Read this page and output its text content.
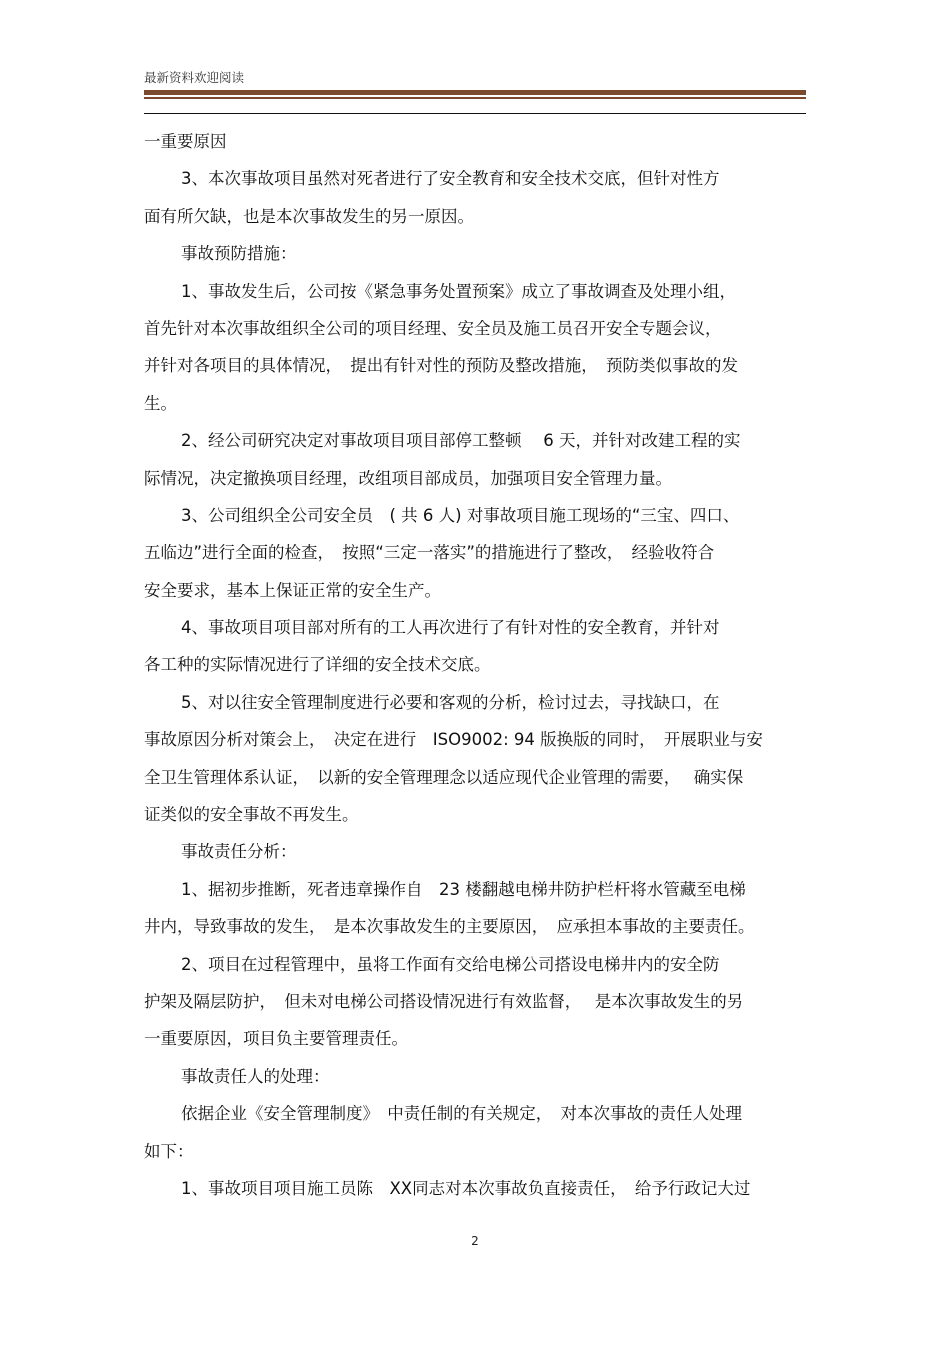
最新资料欢迎阅读
一重要原因
3、本次事故项目虽然对死者进行了安全教育和安全技术交底，但针对性方
面有所欠缺，也是本次事故发生的另一原因。
事故预防措施：
1、事故发生后，公司按《紧急事务处置预案》成立了事故调查及处理小组，
首先针对本次事故组织全公司的项目经理、安全员及施工员召开安全专题会议，
并针对各项目的具体情况，　提出有针对性的预防及整改措施，　预防类似事故的发
生。
2、经公司研究决定对事故项目项目部停工整顿　 6 天，并针对改建工程的实
际情况，决定撤换项目经理，改组项目部成员，加强项目安全管理力量。
3、公司组织全公司安全员　( 共 6 人) 对事故项目施工现场的“三宝、四口、
五临边”进行全面的检查，　按照“三定一落实”的措施进行了整改，　经验收符合
安全要求，基本上保证正常的安全生产。
4、事故项目项目部对所有的工人再次进行了有针对性的安全教育，并针对
各工种的实际情况进行了详细的安全技术交底。
5、对以往安全管理制度进行必要和客观的分析，检讨过去，寻找缺口，在
事故原因分析对策会上，　决定在进行　ISO9002: 94 版换版的同时，　开展职业与安
全卫生管理体系认证，　以新的安全管理理念以适应现代企业管理的需要，　 确实保
证类似的安全事故不再发生。
事故责任分析：
1、据初步推断，死者违章操作自　23 楼翻越电梯井防护栏杆将水管藏至电梯
井内，导致事故的发生，　是本次事故发生的主要原因，　应承担本事故的主要责任。
2、项目在过程管理中，虽将工作面有交给电梯公司搭设电梯井内的安全防
护架及隔层防护，　但未对电梯公司搭设情况进行有效监督，　 是本次事故发生的另
一重要原因，项目负主要管理责任。
事故责任人的处理：
依据企业《安全管理制度》　中责任制的有关规定，　对本次事故的责任人处理
如下：
1、事故项目项目施工员陈　XX同志对本次事故负直接责任，　给予行政记大过
2
